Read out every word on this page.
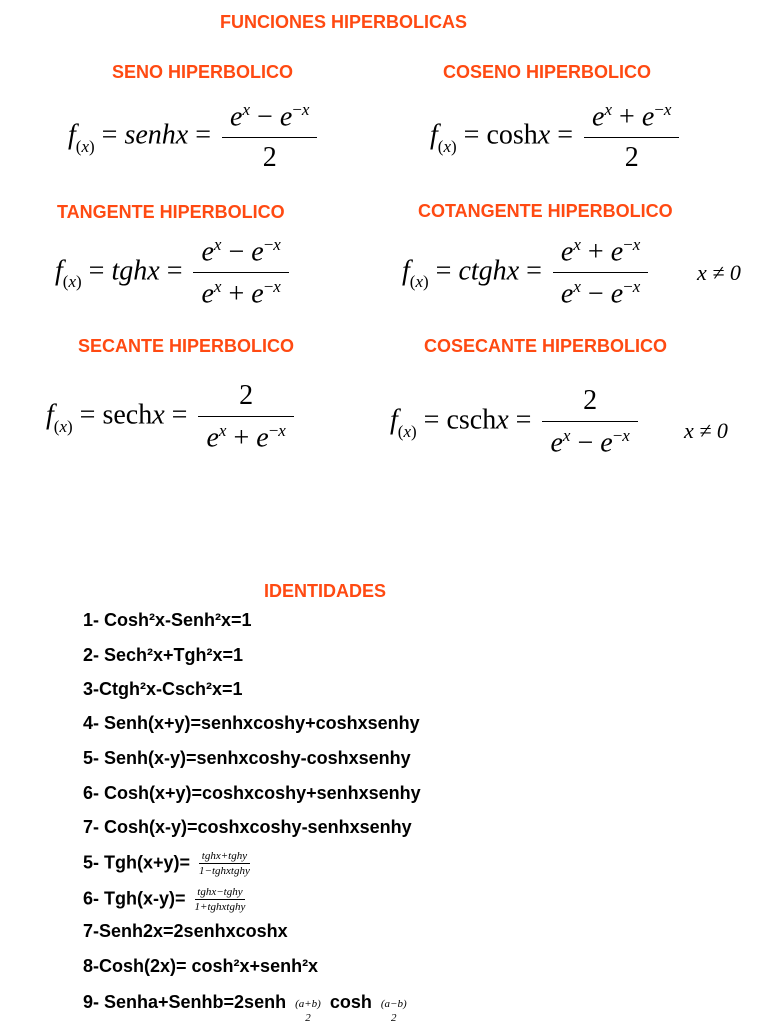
FUNCIONES HIPERBOLICAS
SENO HIPERBOLICO	COSENO HIPERBOLICO
$f_{(x)}$ = senhx = $\frac{e^x - e^{-x}}{2}$	$f_{(x)} = \cosh x = \frac{e^x + e^{-x}}{2}$
TANGENTE HIPERBOLICO	COTANGENTE HIPERBOLICO
$f_{(x)}$ = tghx = $\frac{e^x - e^{-x}}{e^x + e^{-x}}$	$f_{(x)}$ = ctghx = $\frac{e^x + e^{-x}}{e^x - e^{-x}}$ x ≠ 0
SECANTE HIPERBOLICO	COSECANTE HIPERBOLICO
$f_{(x)}$ = sechx = $\frac{2}{e^x + e^{-x}}$	$f_{(x)}$ = cschx = $\frac{2}{e^x - e^{-x}}$ x ≠ 0
IDENTIDADES
1- Cosh²x-Senh²x=1
2- Sech²x+Tgh²x=1
3-Ctgh²x-Csch²x=1
4- Senh(x+y)=senhxcoshy+coshxsenhy
5- Senh(x-y)=senhxcoshy-coshxsenhy
6- Cosh(x+y)=coshxcoshy+senhxsenhy
7- Cosh(x-y)=coshxcoshy-senhxsenhy
5- Tgh(x+y)= tghx+tghy
1−tghxtghy
6- Tgh(x-y)= tghx−tghy
1+tghxtghy
7-Senh2x=2senhxcoshx
8-Cosh(2x)= cosh²x+senh²x
9- Senha+Senhb=2senh (a+b)
2
cosh (a−b)
2
